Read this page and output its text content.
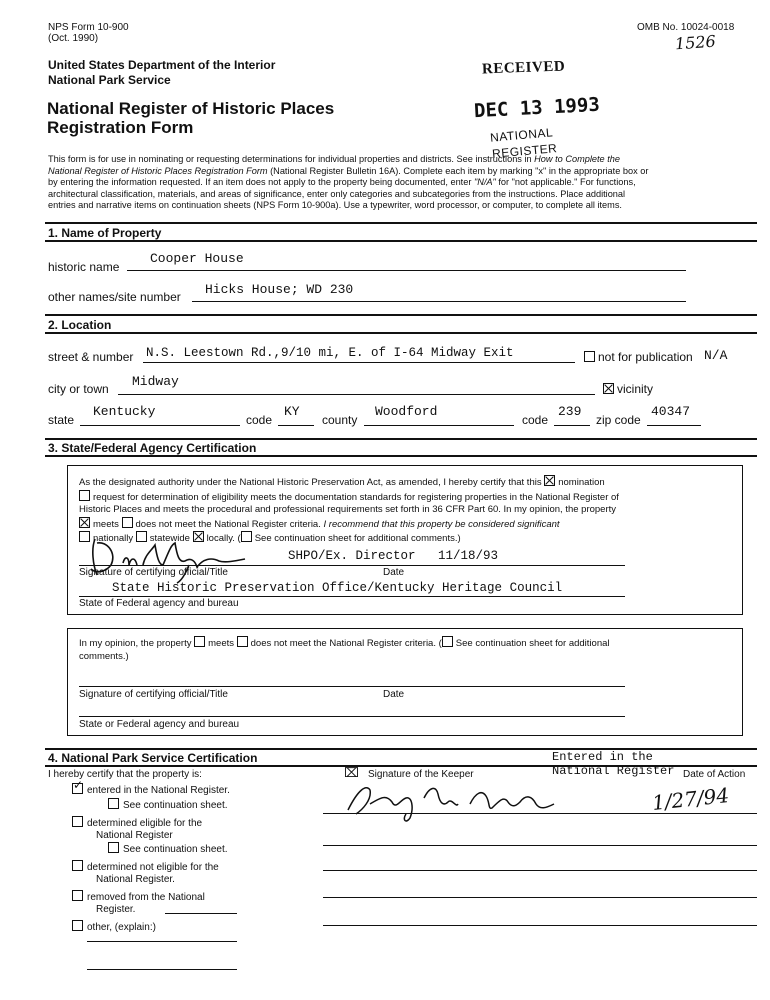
NPS Form 10-900
(Oct. 1990)
OMB No. 10024-0018
1526
United States Department of the Interior
National Park Service
National Register of Historic Places
Registration Form
RECEIVED
DEC 13 1993
NATIONAL
REGISTER
This form is for use in nominating or requesting determinations for individual properties and districts. See instructions in How to Complete the
National Register of Historic Places Registration Form (National Register Bulletin 16A). Complete each item by marking "x" in the appropriate box or
by entering the information requested. If an item does not apply to the property being documented, enter "N/A" for "not applicable." For functions,
architectural classification, materials, and areas of significance, enter only categories and subcategories from the instructions. Place additional
entries and narrative items on continuation sheets (NPS Form 10-900a). Use a typewriter, word processor, or computer, to complete all items.
1. Name of Property
historic name
Cooper House
other names/site number Hicks House; WD 230
2. Location
street & number N.S. Leestown Rd.,9/10 mi, E. of I-64 Midway Exit	not for publication N/A
city or town Midway	vicinity
state
Kentucky
code
KY
county
Woodford
code
239
zip code
40347
3. State/Federal Agency Certification
As the designated authority under the National Historic Preservation Act, as amended, I hereby certify that this nomination
request for determination of eligibility meets the documentation standards for registering properties in the National Register of
Historic Places and meets the procedural and professional requirements set forth in 36 CFR Part 60. In my opinion, the property
meets does not meet the National Register criteria. I recommend that this property be considered significant
nationally statewide locally. ( See continuation sheet for additional comments.)
SHPO/Ex. Director 11/18/93
Signature of certifying official/Title	Date
State Historic Preservation Office/Kentucky Heritage Council
State of Federal agency and bureau
In my opinion, the property meets does not meet the National Register criteria. ( See continuation sheet for additional
comments.)
Signature of certifying official/Title	Date
State or Federal agency and bureau
4. National Park Service Certification
I hereby certify that the property is:	⌧ Signature of the Keeper	Date of Action
Entered in the
National Register
Carol D. Shull
1/27/94
✓entered in the National Register.
See continuation sheet.
determined eligible for the
National Register
See continuation sheet.
determined not eligible for the
National Register.
removed from the National
Register.
other, (explain:)
